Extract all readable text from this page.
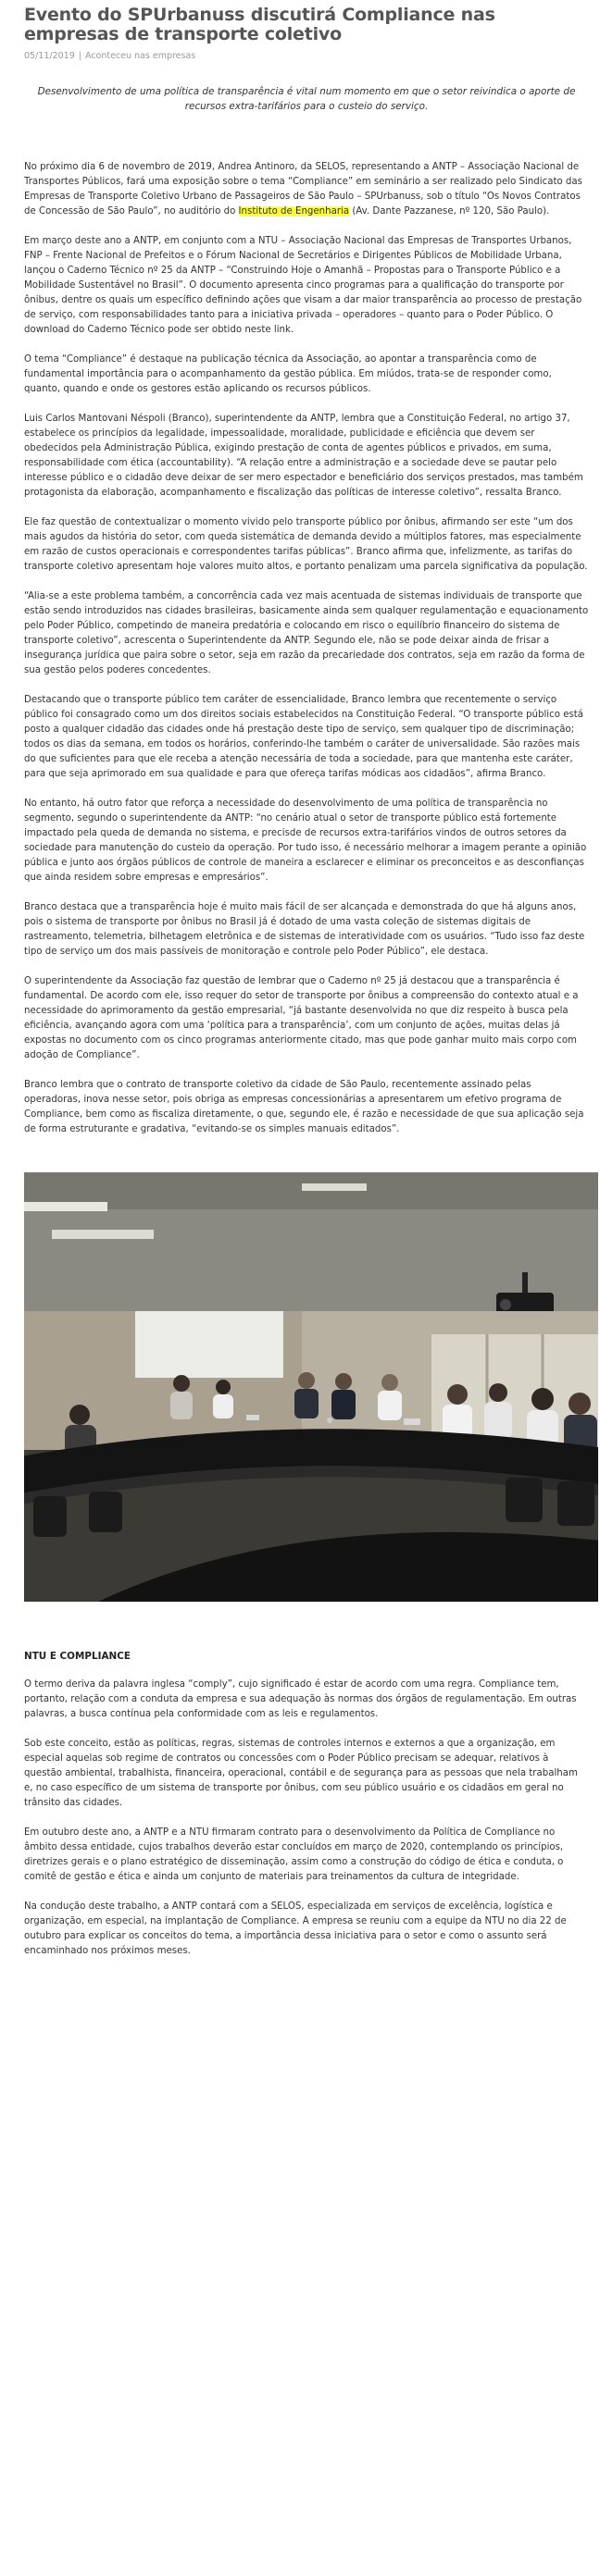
Evento do SPUrbanuss discutirá Compliance nas empresas de transporte coletivo
05/11/2019 | Aconteceu nas empresas

Desenvolvimento de uma política de transparência é vital num momento em que o setor reivindica o aporte de recursos extra-tarifários para o custeio do serviço.

No próximo dia 6 de novembro de 2019, Andrea Antinoro, da SELOS, representando a ANTP – Associação Nacional de Transportes Públicos, fará uma exposição sobre o tema “Compliance” em seminário a ser realizado pelo Sindicato das Empresas de Transporte Coletivo Urbano de Passageiros de São Paulo – SPUrbanuss, sob o título “Os Novos Contratos de Concessão de São Paulo”, no auditório do Instituto de Engenharia (Av. Dante Pazzanese, nº 120, São Paulo).

Em março deste ano a ANTP, em conjunto com a NTU – Associação Nacional das Empresas de Transportes Urbanos, FNP – Frente Nacional de Prefeitos e o Fórum Nacional de Secretários e Dirigentes Públicos de Mobilidade Urbana, lançou o Caderno Técnico nº 25 da ANTP – “Construindo Hoje o Amanhã – Propostas para o Transporte Público e a Mobilidade Sustentável no Brasil”. O documento apresenta cinco programas para a qualificação do transporte por ônibus, dentre os quais um específico definindo ações que visam a dar maior transparência ao processo de prestação de serviço, com responsabilidades tanto para a iniciativa privada – operadores – quanto para o Poder Público. O download do Caderno Técnico pode ser obtido neste link.

O tema “Compliance” é destaque na publicação técnica da Associação, ao apontar a transparência como de fundamental importância para o acompanhamento da gestão pública. Em miúdos, trata-se de responder como, quanto, quando e onde os gestores estão aplicando os recursos públicos.

Luis Carlos Mantovani Néspoli (Branco), superintendente da ANTP, lembra que a Constituição Federal, no artigo 37, estabelece os princípios da legalidade, impessoalidade, moralidade, publicidade e eficiência que devem ser obedecidos pela Administração Pública, exigindo prestação de conta de agentes públicos e privados, em suma, responsabilidade com ética (accountability). “A relação entre a administração e a sociedade deve se pautar pelo interesse público e o cidadão deve deixar de ser mero espectador e beneficiário dos serviços prestados, mas também protagonista da elaboração, acompanhamento e fiscalização das políticas de interesse coletivo”, ressalta Branco.

Ele faz questão de contextualizar o momento vivido pelo transporte público por ônibus, afirmando ser este “um dos mais agudos da história do setor, com queda sistemática de demanda devido a múltiplos fatores, mas especialmente em razão de custos operacionais e correspondentes tarifas públicas”. Branco afirma que, infelizmente, as tarifas do transporte coletivo apresentam hoje valores muito altos, e portanto penalizam uma parcela significativa da população.

“Alia-se a este problema também, a concorrência cada vez mais acentuada de sistemas individuais de transporte que estão sendo introduzidos nas cidades brasileiras, basicamente ainda sem qualquer regulamentação e equacionamento pelo Poder Público, competindo de maneira predatória e colocando em risco o equilíbrio financeiro do sistema de transporte coletivo”, acrescenta o Superintendente da ANTP. Segundo ele, não se pode deixar ainda de frisar a insegurança jurídica que paira sobre o setor, seja em razão da precariedade dos contratos, seja em razão da forma de sua gestão pelos poderes concedentes.

Destacando que o transporte público tem caráter de essencialidade, Branco lembra que recentemente o serviço público foi consagrado como um dos direitos sociais estabelecidos na Constituição Federal. “O transporte público está posto a qualquer cidadão das cidades onde há prestação deste tipo de serviço, sem qualquer tipo de discriminação; todos os dias da semana, em todos os horários, conferindo-lhe também o caráter de universalidade. São razões mais do que suficientes para que ele receba a atenção necessária de toda a sociedade, para que mantenha este caráter, para que seja aprimorado em sua qualidade e para que ofereça tarifas módicas aos cidadãos”, afirma Branco.

No entanto, há outro fator que reforça a necessidade do desenvolvimento de uma política de transparência no segmento, segundo o superintendente da ANTP: “no cenário atual o setor de transporte público está fortemente impactado pela queda de demanda no sistema, e precisde de recursos extra-tarifários vindos de outros setores da sociedade para manutenção do custeio da operação. Por tudo isso, é necessário melhorar a imagem perante a opinião pública e junto aos órgãos públicos de controle de maneira a esclarecer e eliminar os preconceitos e as desconfianças que ainda residem sobre empresas e empresários”.

Branco destaca que a transparência hoje é muito mais fácil de ser alcançada e demonstrada do que há alguns anos, pois o sistema de transporte por ônibus no Brasil já é dotado de uma vasta coleção de sistemas digitais de rastreamento, telemetria, bilhetagem eletrônica e de sistemas de interatividade com os usuários. “Tudo isso faz deste tipo de serviço um dos mais passíveis de monitoração e controle pelo Poder Público”, ele destaca.

O superintendente da Associação faz questão de lembrar que o Caderno nº 25 já destacou que a transparência é fundamental. De acordo com ele, isso requer do setor de transporte por ônibus a compreensão do contexto atual e a necessidade do aprimoramento da gestão empresarial, “já bastante desenvolvida no que diz respeito à busca pela eficiência, avançando agora com uma ‘política para a transparência’, com um conjunto de ações, muitas delas já expostas no documento com os cinco programas anteriormente citado, mas que pode ganhar muito mais corpo com adoção de Compliance”.

Branco lembra que o contrato de transporte coletivo da cidade de São Paulo, recentemente assinado pelas operadoras, inova nesse setor, pois obriga as empresas concessionárias a apresentarem um efetivo programa de Compliance, bem como as fiscaliza diretamente, o que, segundo ele, é razão e necessidade de que sua aplicação seja de forma estruturante e gradativa, “evitando-se os simples manuais editados”.

NTU E COMPLIANCE

O termo deriva da palavra inglesa “comply”, cujo significado é estar de acordo com uma regra. Compliance tem, portanto, relação com a conduta da empresa e sua adequação às normas dos órgãos de regulamentação. Em outras palavras, a busca contínua pela conformidade com as leis e regulamentos.

Sob este conceito, estão as políticas, regras, sistemas de controles internos e externos a que a organização, em especial aquelas sob regime de contratos ou concessões com o Poder Público precisam se adequar, relativos à questão ambiental, trabalhista, financeira, operacional, contábil e de segurança para as pessoas que nela trabalham e, no caso específico de um sistema de transporte por ônibus, com seu público usuário e os cidadãos em geral no trânsito das cidades.

Em outubro deste ano, a ANTP e a NTU firmaram contrato para o desenvolvimento da Política de Compliance no âmbito dessa entidade, cujos trabalhos deverão estar concluídos em março de 2020, contemplando os princípios, diretrizes gerais e o plano estratégico de disseminação, assim como a construção do código de ética e conduta, o comitê de gestão e ética e ainda um conjunto de materiais para treinamentos da cultura de integridade.

Na condução deste trabalho, a ANTP contará com a SELOS, especializada em serviços de excelência, logística e organização, em especial, na implantação de Compliance. A empresa se reuniu com a equipe da NTU no dia 22 de outubro para explicar os conceitos do tema, a importância dessa iniciativa para o setor e como o assunto será encaminhado nos próximos meses.
